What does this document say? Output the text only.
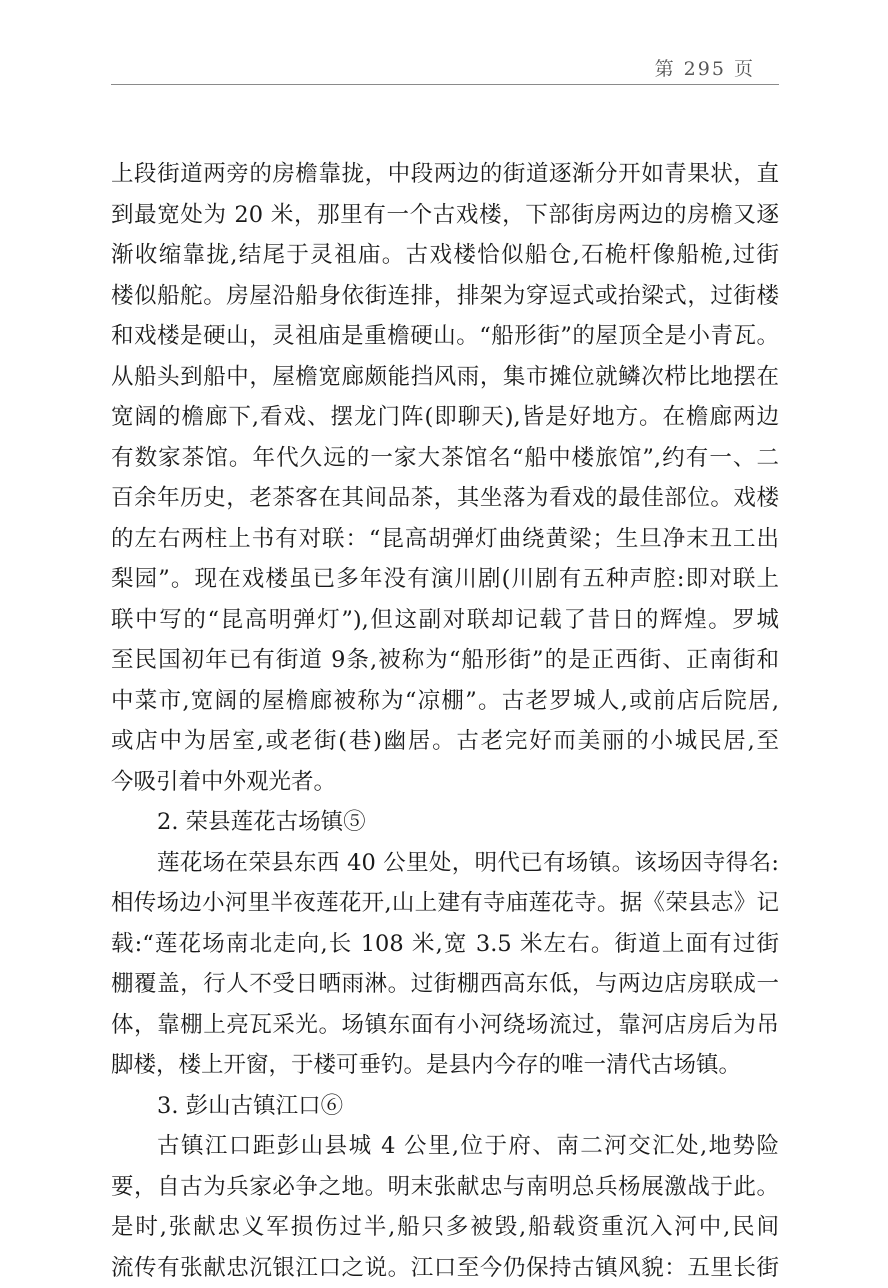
第 295 页
上段街道两旁的房檐靠拢，中段两边的街道逐渐分开如青果状，直
到最宽处为 20 米，那里有一个古戏楼，下部街房两边的房檐又逐
渐收缩靠拢,结尾于灵祖庙。古戏楼恰似船仓,石桅杆像船桅,过街
楼似船舵。房屋沿船身依街连排，排架为穿逗式或抬梁式，过街楼
和戏楼是硬山，灵祖庙是重檐硬山。“船形街”的屋顶全是小青瓦。
从船头到船中，屋檐宽廊颇能挡风雨，集市摊位就鳞次栉比地摆在
宽阔的檐廊下,看戏、摆龙门阵(即聊天),皆是好地方。在檐廊两边
有数家茶馆。年代久远的一家大茶馆名“船中楼旅馆”,约有一、二
百余年历史，老茶客在其间品茶，其坐落为看戏的最佳部位。戏楼
的左右两柱上书有对联：“昆高胡弹灯曲绕黄梁；生旦净末丑工出
梨园”。现在戏楼虽已多年没有演川剧(川剧有五种声腔:即对联上
联中写的“昆高明弹灯”),但这副对联却记载了昔日的辉煌。罗城
至民国初年已有街道 9条,被称为“船形街”的是正西街、正南街和
中菜市,宽阔的屋檐廊被称为“凉棚”。古老罗城人,或前店后院居,
或店中为居室,或老街(巷)幽居。古老完好而美丽的小城民居,至
今吸引着中外观光者。
2. 荣县莲花古场镇⑤
莲花场在荣县东西 40 公里处，明代已有场镇。该场因寺得名:
相传场边小河里半夜莲花开,山上建有寺庙莲花寺。据《荣县志》记
载:“莲花场南北走向,长 108 米,宽 3.5 米左右。街道上面有过街
棚覆盖，行人不受日晒雨淋。过街棚西高东低，与两边店房联成一
体，靠棚上亮瓦采光。场镇东面有小河绕场流过，靠河店房后为吊
脚楼，楼上开窗，于楼可垂钓。是县内今存的唯一清代古场镇。
3. 彭山古镇江口⑥
古镇江口距彭山县城 4 公里,位于府、南二河交汇处,地势险
要，自古为兵家必争之地。明末张献忠与南明总兵杨展激战于此。
是时,张献忠义军损伤过半,船只多被毁,船载资重沉入河中,民间
流传有张献忠沉银江口之说。江口至今仍保持古镇风貌：五里长街
